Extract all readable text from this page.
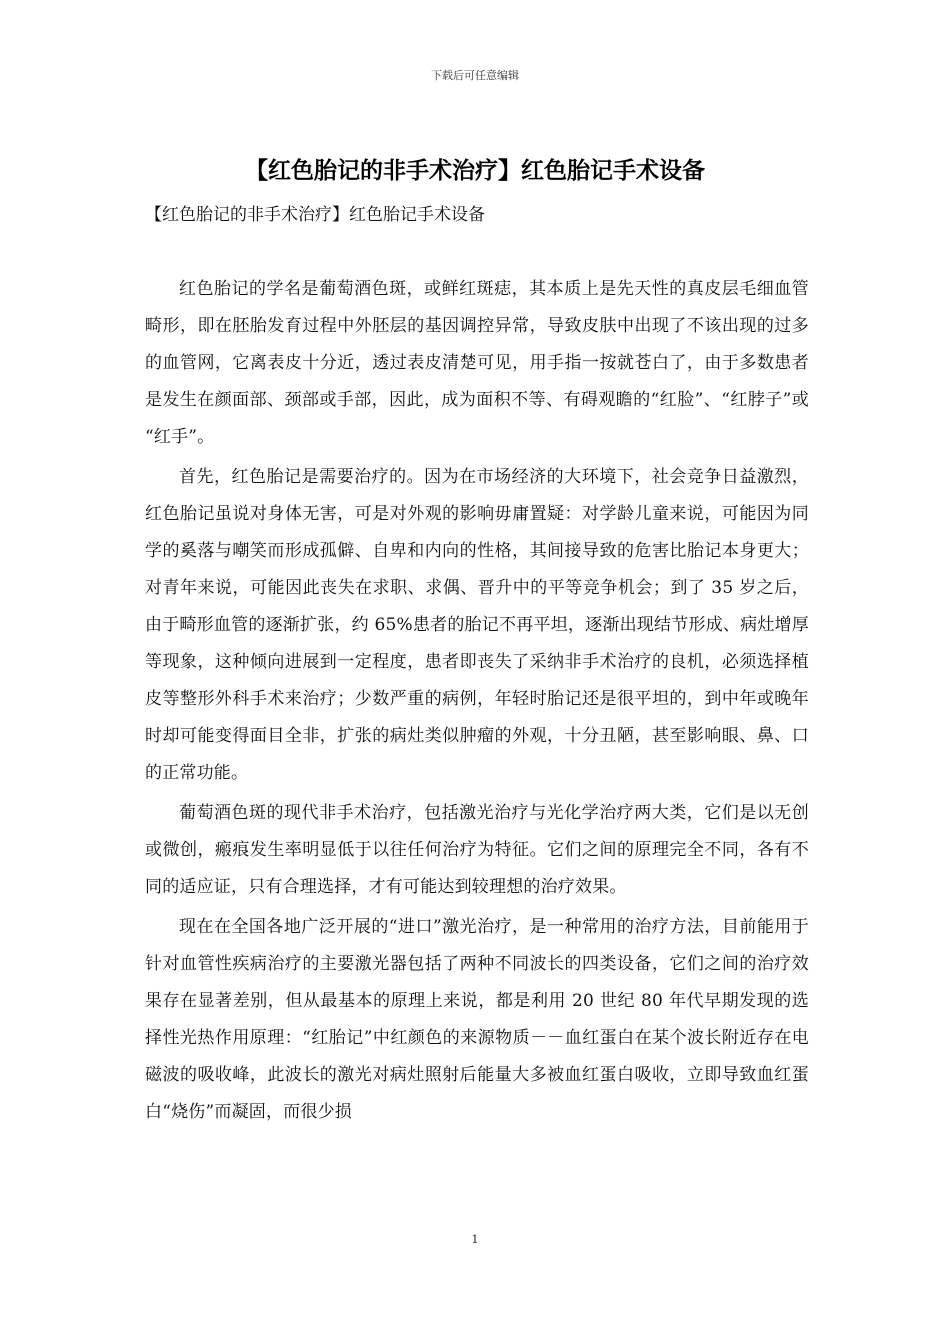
下载后可任意编辑
【红色胎记的非手术治疗】红色胎记手术设备

【红色胎记的非手术治疗】红色胎记手术设备

红色胎记的学名是葡萄酒色斑，或鲜红斑痣，其本质上是先天性的真皮层毛细血管畸形，即在胚胎发育过程中外胚层的基因调控异常，导致皮肤中出现了不该出现的过多的血管网，它离表皮十分近，透过表皮清楚可见，用手指一按就苍白了，由于多数患者是发生在颜面部、颈部或手部，因此，成为面积不等、有碍观瞻的“红脸”、“红脖子”或 “红手”。

首先，红色胎记是需要治疗的。因为在市场经济的大环境下，社会竞争日益激烈，红色胎记虽说对身体无害，可是对外观的影响毋庸置疑：对学龄儿童来说，可能因为同学的奚落与嘲笑而形成孤僻、自卑和内向的性格，其间接导致的危害比胎记本身更大；对青年来说，可能因此丧失在求职、求偶、晋升中的平等竞争机会；到了 35 岁之后，由于畸形血管的逐渐扩张，约 65%患者的胎记不再平坦，逐渐出现结节形成、病灶增厚等现象，这种倾向进展到一定程度，患者即丧失了采纳非手术治疗的良机，必须选择植皮等整形外科手术来治疗；少数严重的病例，年轻时胎记还是很平坦的，到中年或晚年时却可能变得面目全非，扩张的病灶类似肿瘤的外观，十分丑陋，甚至影响眼、鼻、口的正常功能。

葡萄酒色斑的现代非手术治疗，包括激光治疗与光化学治疗两大类，它们是以无创或微创，瘢痕发生率明显低于以往任何治疗为特征。它们之间的原理完全不同，各有不同的适应证，只有合理选择，才有可能达到较理想的治疗效果。

现在在全国各地广泛开展的“进口”激光治疗，是一种常用的治疗方法，目前能用于针对血管性疾病治疗的主要激光器包括了两种不同波长的四类设备，它们之间的治疗效果存在显著差别，但从最基本的原理上来说，都是利用 20 世纪 80 年代早期发现的选择性光热作用原理：“红胎记”中红颜色的来源物质－－血红蛋白在某个波长附近存在电磁波的吸收峰，此波长的激光对病灶照射后能量大多被血红蛋白吸收，立即导致血红蛋白“烧伤”而凝固，而很少损

1
